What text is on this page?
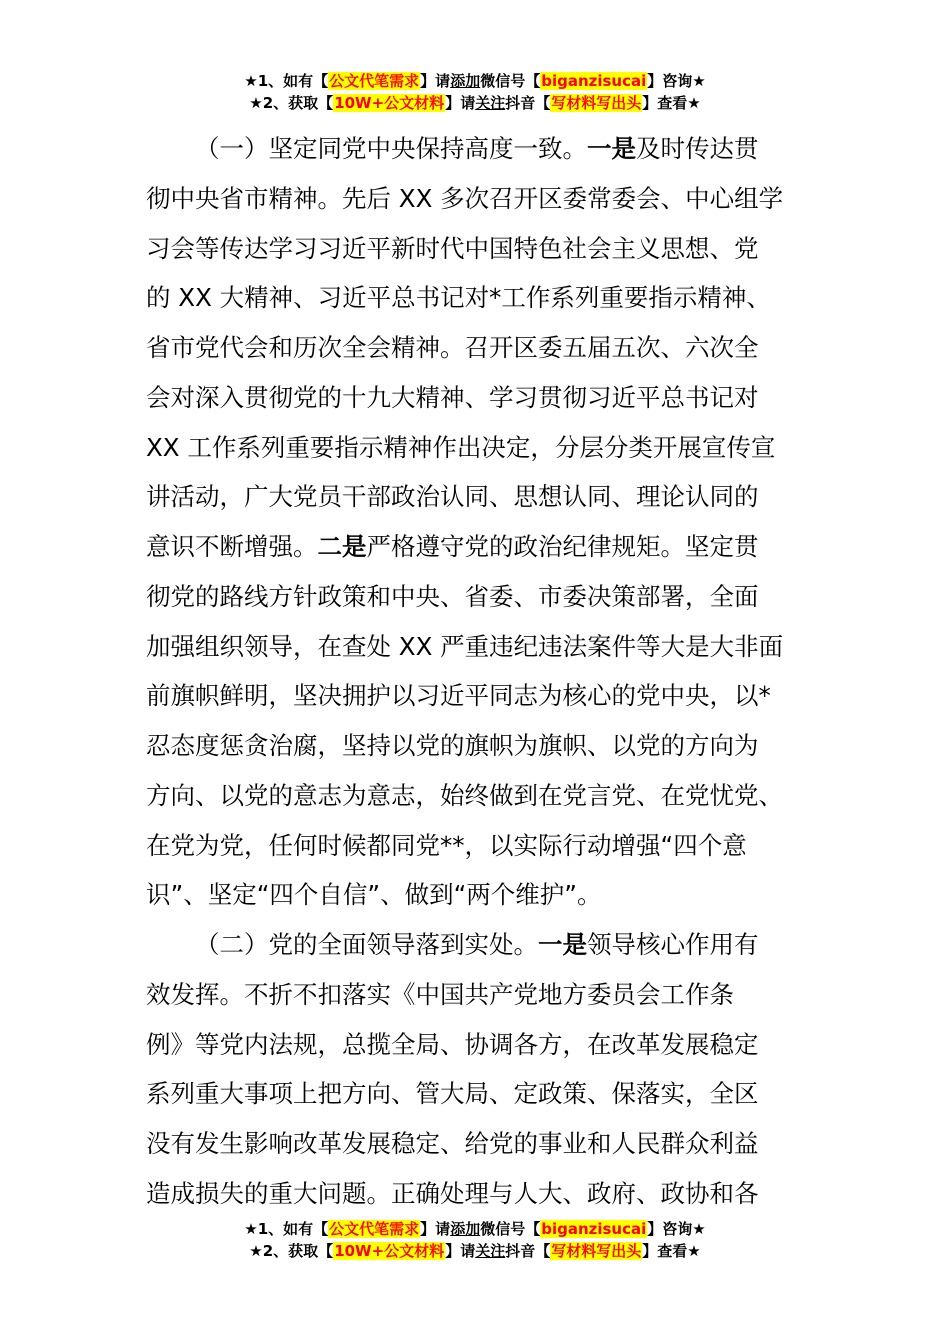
★1、如有【公文代笔需求】请添加微信号【biganzisucai】咨询★
★2、获取【10W+公文材料】请关注抖音【写材料写出头】查看★
（一）坚定同党中央保持高度一致。一是及时传达贯
彻中央省市精神。先后 XX 多次召开区委常委会、中心组学
习会等传达学习习近平新时代中国特色社会主义思想、党
的 XX 大精神、习近平总书记对*工作系列重要指示精神、
省市党代会和历次全会精神。召开区委五届五次、六次全
会对深入贯彻党的十九大精神、学习贯彻习近平总书记对
XX 工作系列重要指示精神作出决定，分层分类开展宣传宣
讲活动，广大党员干部政治认同、思想认同、理论认同的
意识不断增强。二是严格遵守党的政治纪律规矩。坚定贯
彻党的路线方针政策和中央、省委、市委决策部署，全面
加强组织领导，在查处 XX 严重违纪违法案件等大是大非面
前旗帜鲜明，坚决拥护以习近平同志为核心的党中央，以*
忍态度惩贪治腐，坚持以党的旗帜为旗帜、以党的方向为
方向、以党的意志为意志，始终做到在党言党、在党忧党、
在党为党，任何时候都同党**，以实际行动增强“四个意
识”、坚定“四个自信”、做到“两个维护”。
（二）党的全面领导落到实处。一是领导核心作用有
效发挥。不折不扣落实《中国共产党地方委员会工作条
例》等党内法规，总揽全局、协调各方，在改革发展稳定
系列重大事项上把方向、管大局、定政策、保落实，全区
没有发生影响改革发展稳定、给党的事业和人民群众利益
造成损失的重大问题。正确处理与人大、政府、政协和各
★1、如有【公文代笔需求】请添加微信号【biganzisucai】咨询★
★2、获取【10W+公文材料】请关注抖音【写材料写出头】查看★
